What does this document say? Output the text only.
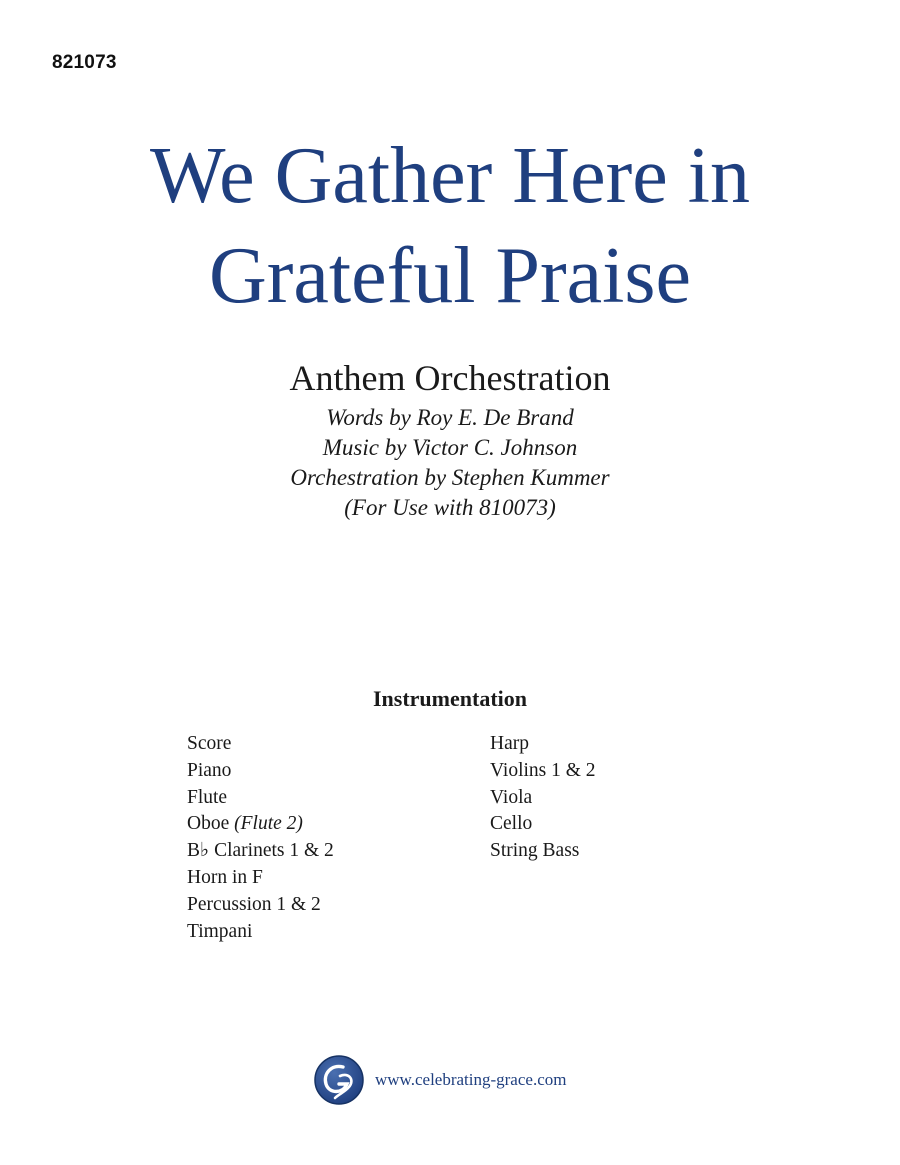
821073
We Gather Here in
Grateful Praise
Anthem Orchestration
Words by Roy E. De Brand
Music by Victor C. Johnson
Orchestration by Stephen Kummer
(For Use with 810073)
Instrumentation
Score
Piano
Flute
Oboe (Flute 2)
B♭ Clarinets 1 & 2
Horn in F
Percussion 1 & 2
Timpani
Harp
Violins 1 & 2
Viola
Cello
String Bass
www.celebrating-grace.com
